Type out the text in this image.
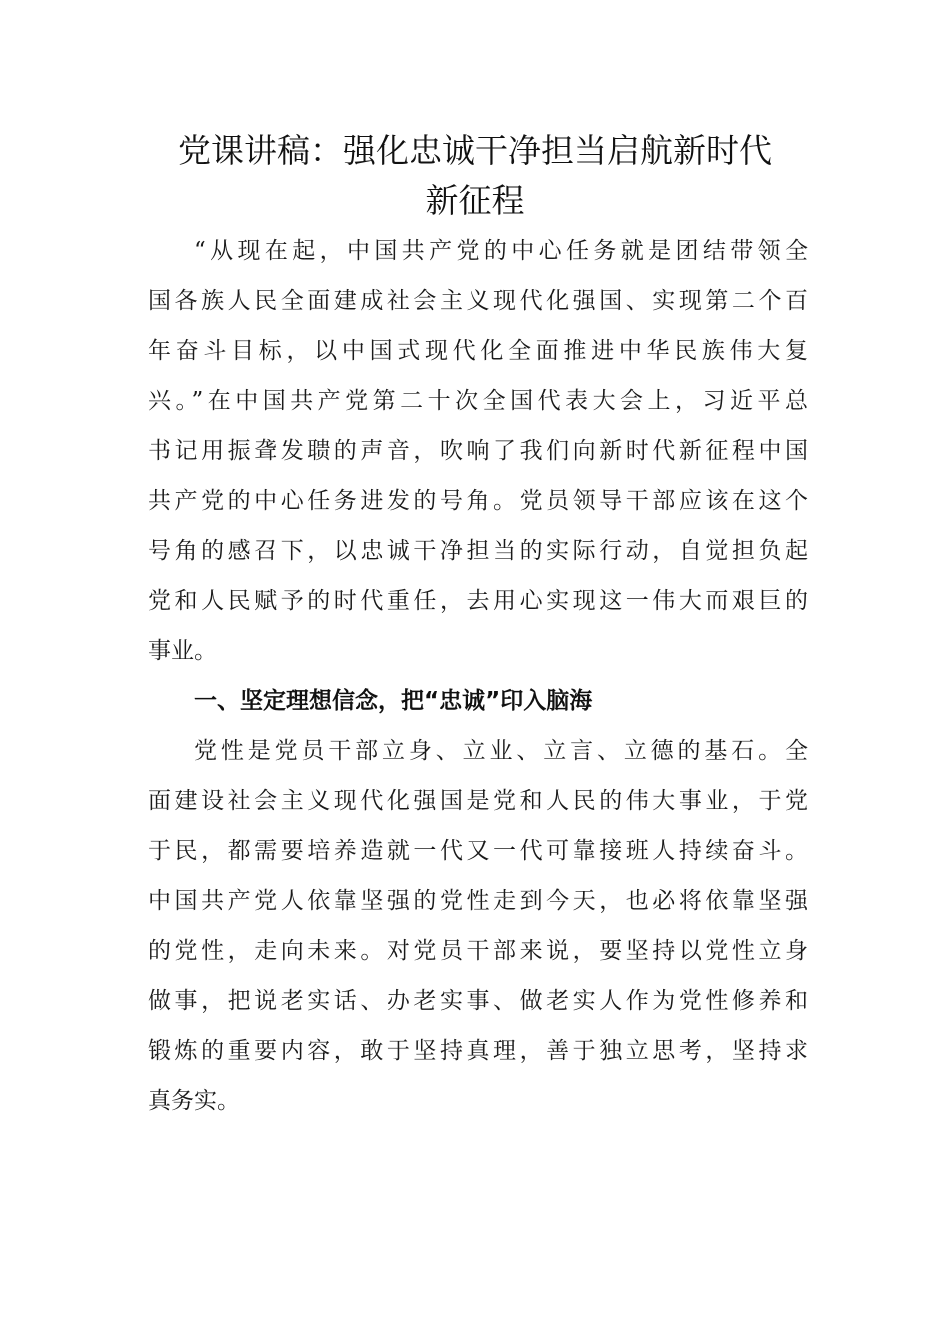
党课讲稿：强化忠诚干净担当启航新时代
新征程
“从现在起，中国共产党的中心任务就是团结带领全
国各族人民全面建成社会主义现代化强国、实现第二个百
年奋斗目标，以中国式现代化全面推进中华民族伟大复
兴。”在中国共产党第二十次全国代表大会上，习近平总
书记用振聋发聩的声音，吹响了我们向新时代新征程中国
共产党的中心任务进发的号角。党员领导干部应该在这个
号角的感召下，以忠诚干净担当的实际行动，自觉担负起
党和人民赋予的时代重任，去用心实现这一伟大而艰巨的
事业。
一、坚定理想信念，把“忠诚”印入脑海
党性是党员干部立身、立业、立言、立德的基石。全
面建设社会主义现代化强国是党和人民的伟大事业，于党
于民，都需要培养造就一代又一代可靠接班人持续奋斗。
中国共产党人依靠坚强的党性走到今天，也必将依靠坚强
的党性，走向未来。对党员干部来说，要坚持以党性立身
做事，把说老实话、办老实事、做老实人作为党性修养和
锻炼的重要内容，敢于坚持真理，善于独立思考，坚持求
真务实。
